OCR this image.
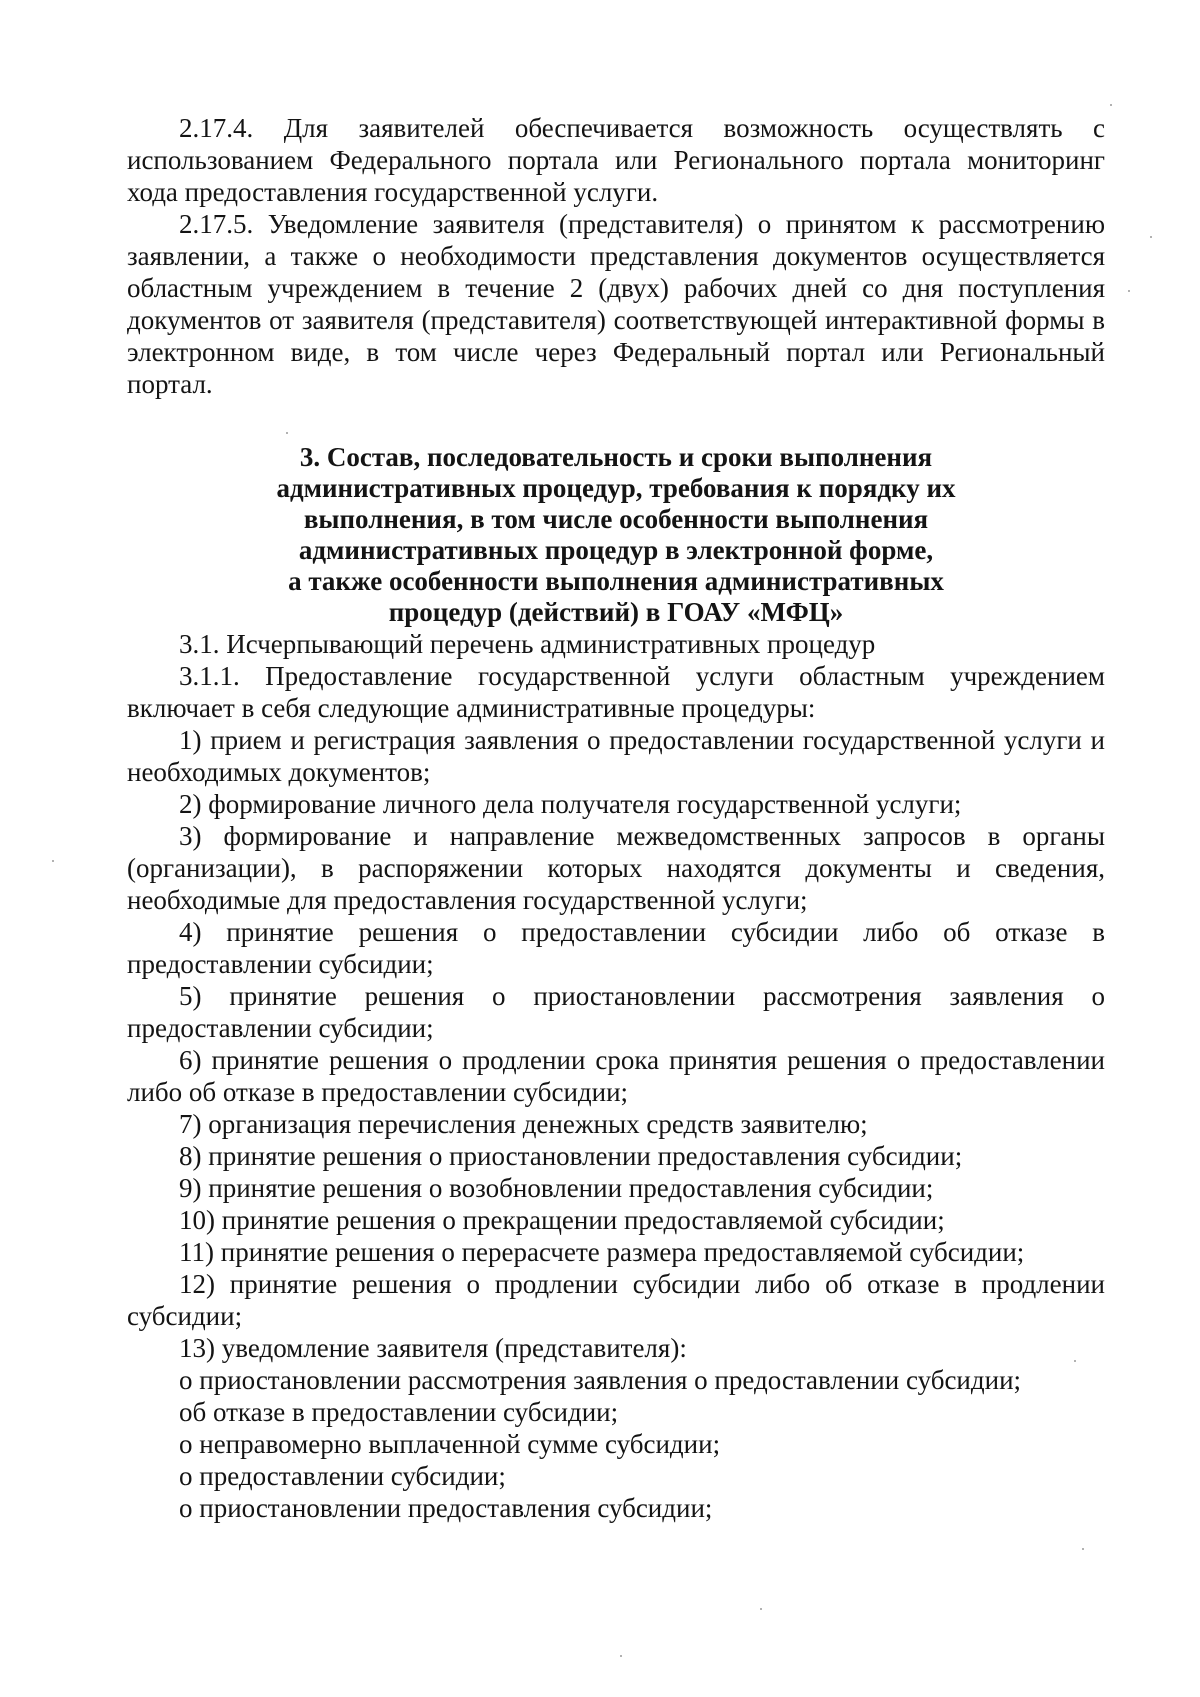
2.17.4. Для заявителей обеспечивается возможность осуществлять с использованием Федерального портала или Регионального портала мониторинг хода предоставления государственной услуги.

2.17.5. Уведомление заявителя (представителя) о принятом к рассмотрению заявлении, а также о необходимости представления документов осуществляется областным учреждением в течение 2 (двух) рабочих дней со дня поступления документов от заявителя (представителя) соответствующей интерактивной формы в электронном виде, в том числе через Федеральный портал или Региональный портал.

3. Состав, последовательность и сроки выполнения
административных процедур, требования к порядку их
выполнения, в том числе особенности выполнения
административных процедур в электронной форме,
а также особенности выполнения административных
процедур (действий) в ГОАУ «МФЦ»

3.1. Исчерпывающий перечень административных процедур

3.1.1. Предоставление государственной услуги областным учреждением включает в себя следующие административные процедуры:

1) прием и регистрация заявления о предоставлении государственной услуги и необходимых документов;

2) формирование личного дела получателя государственной услуги;

3) формирование и направление межведомственных запросов в органы (организации), в распоряжении которых находятся документы и сведения, необходимые для предоставления государственной услуги;

4) принятие решения о предоставлении субсидии либо об отказе в предоставлении субсидии;

5) принятие решения о приостановлении рассмотрения заявления о предоставлении субсидии;

6) принятие решения о продлении срока принятия решения о предоставлении либо об отказе в предоставлении субсидии;

7) организация перечисления денежных средств заявителю;

8) принятие решения о приостановлении предоставления субсидии;

9) принятие решения о возобновлении предоставления субсидии;

10) принятие решения о прекращении предоставляемой субсидии;

11) принятие решения о перерасчете размера предоставляемой субсидии;

12) принятие решения о продлении субсидии либо об отказе в продлении субсидии;

13) уведомление заявителя (представителя):

о приостановлении рассмотрения заявления о предоставлении субсидии;

об отказе в предоставлении субсидии;

о неправомерно выплаченной сумме субсидии;

о предоставлении субсидии;

о приостановлении предоставления субсидии;
